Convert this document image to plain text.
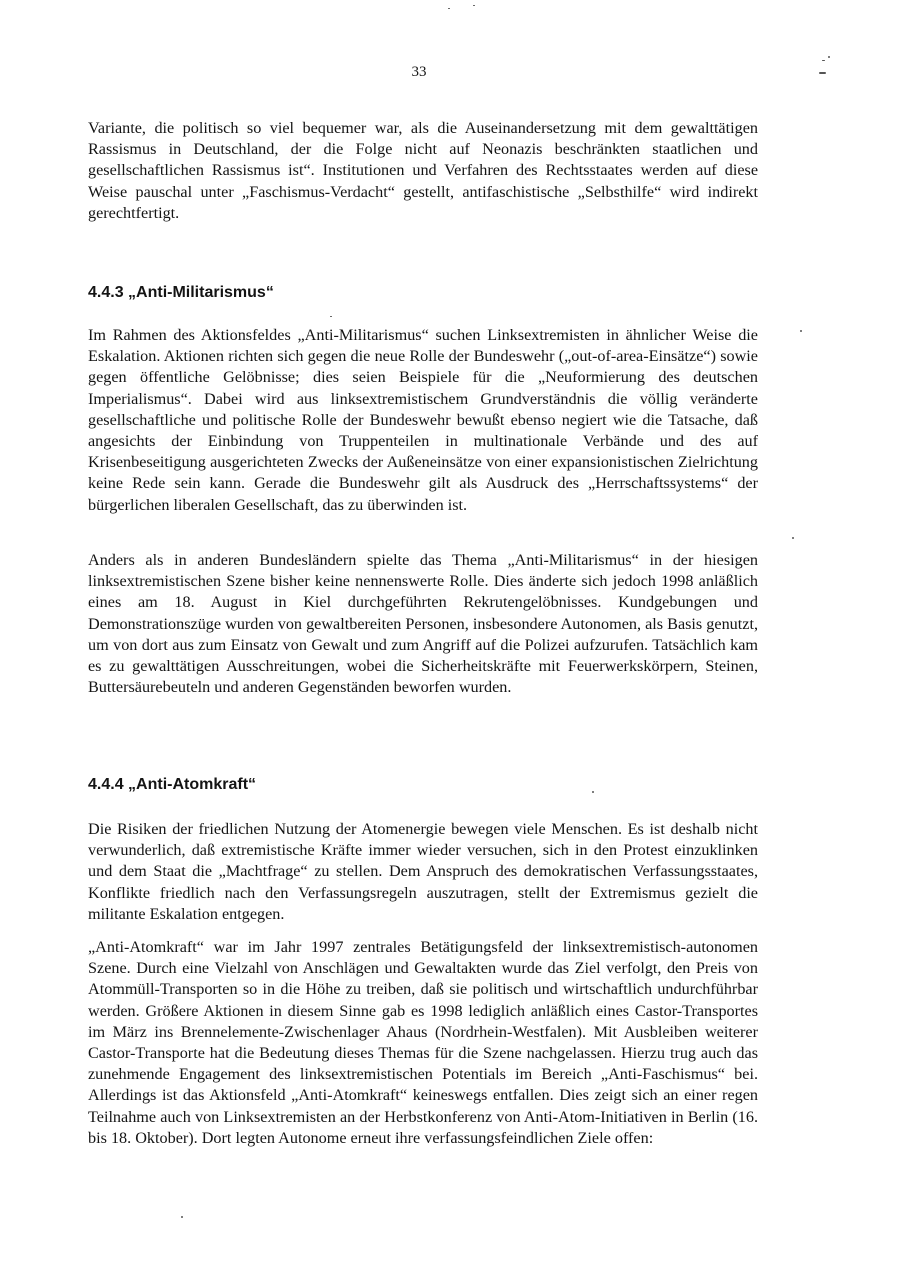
33

Variante, die politisch so viel bequemer war, als die Auseinandersetzung mit dem gewalttätigen Rassismus in Deutschland, der die Folge nicht auf Neonazis beschränkten staatlichen und gesellschaftlichen Rassismus ist“. Institutionen und Verfahren des Rechtsstaates werden auf diese Weise pauschal unter „Faschismus-Verdacht“ gestellt, antifaschistische „Selbsthilfe“ wird indirekt gerechtfertigt.

4.4.3 „Anti-Militarismus“

Im Rahmen des Aktionsfeldes „Anti-Militarismus“ suchen Linksextremisten in ähnlicher Weise die Eskalation. Aktionen richten sich gegen die neue Rolle der Bundeswehr („out-of-area-Einsätze“) sowie gegen öffentliche Gelöbnisse; dies seien Beispiele für die „Neuformierung des deutschen Imperialismus“. Dabei wird aus linksextremistischem Grundverständnis die völlig veränderte gesellschaftliche und politische Rolle der Bundeswehr bewußt ebenso negiert wie die Tatsache, daß angesichts der Einbindung von Truppenteilen in multinationale Verbände und des auf Krisenbeseitigung ausgerichteten Zwecks der Außeneinsätze von einer expansionistischen Zielrichtung keine Rede sein kann. Gerade die Bundeswehr gilt als Ausdruck des „Herrschaftssystems“ der bürgerlichen liberalen Gesellschaft, das zu überwinden ist.

Anders als in anderen Bundesländern spielte das Thema „Anti-Militarismus“ in der hiesigen linksextremistischen Szene bisher keine nennenswerte Rolle. Dies änderte sich jedoch 1998 anläßlich eines am 18. August in Kiel durchgeführten Rekrutengelöbnisses. Kundgebungen und Demonstrationszüge wurden von gewaltbereiten Personen, insbesondere Autonomen, als Basis genutzt, um von dort aus zum Einsatz von Gewalt und zum Angriff auf die Polizei aufzurufen. Tatsächlich kam es zu gewalttätigen Ausschreitungen, wobei die Sicherheitskräfte mit Feuerwerkskörpern, Steinen, Buttersäurebeuteln und anderen Gegenständen beworfen wurden.

4.4.4 „Anti-Atomkraft“

Die Risiken der friedlichen Nutzung der Atomenergie bewegen viele Menschen. Es ist deshalb nicht verwunderlich, daß extremistische Kräfte immer wieder versuchen, sich in den Protest einzuklinken und dem Staat die „Machtfrage“ zu stellen. Dem Anspruch des demokratischen Verfassungsstaates, Konflikte friedlich nach den Verfassungsregeln auszutragen, stellt der Extremismus gezielt die militante Eskalation entgegen.

„Anti-Atomkraft“ war im Jahr 1997 zentrales Betätigungsfeld der linksextremistisch-autonomen Szene. Durch eine Vielzahl von Anschlägen und Gewaltakten wurde das Ziel verfolgt, den Preis von Atommüll-Transporten so in die Höhe zu treiben, daß sie politisch und wirtschaftlich undurchführbar werden. Größere Aktionen in diesem Sinne gab es 1998 lediglich anläßlich eines Castor-Transportes im März ins Brennelemente-Zwischenlager Ahaus (Nordrhein-Westfalen). Mit Ausbleiben weiterer Castor-Transporte hat die Bedeutung dieses Themas für die Szene nachgelassen. Hierzu trug auch das zunehmende Engagement des linksextremistischen Potentials im Bereich „Anti-Faschismus“ bei. Allerdings ist das Aktionsfeld „Anti-Atomkraft“ keineswegs entfallen. Dies zeigt sich an einer regen Teilnahme auch von Linksextremisten an der Herbstkonferenz von Anti-Atom-Initiativen in Berlin (16. bis 18. Oktober). Dort legten Autonome erneut ihre verfassungsfeindlichen Ziele offen:
